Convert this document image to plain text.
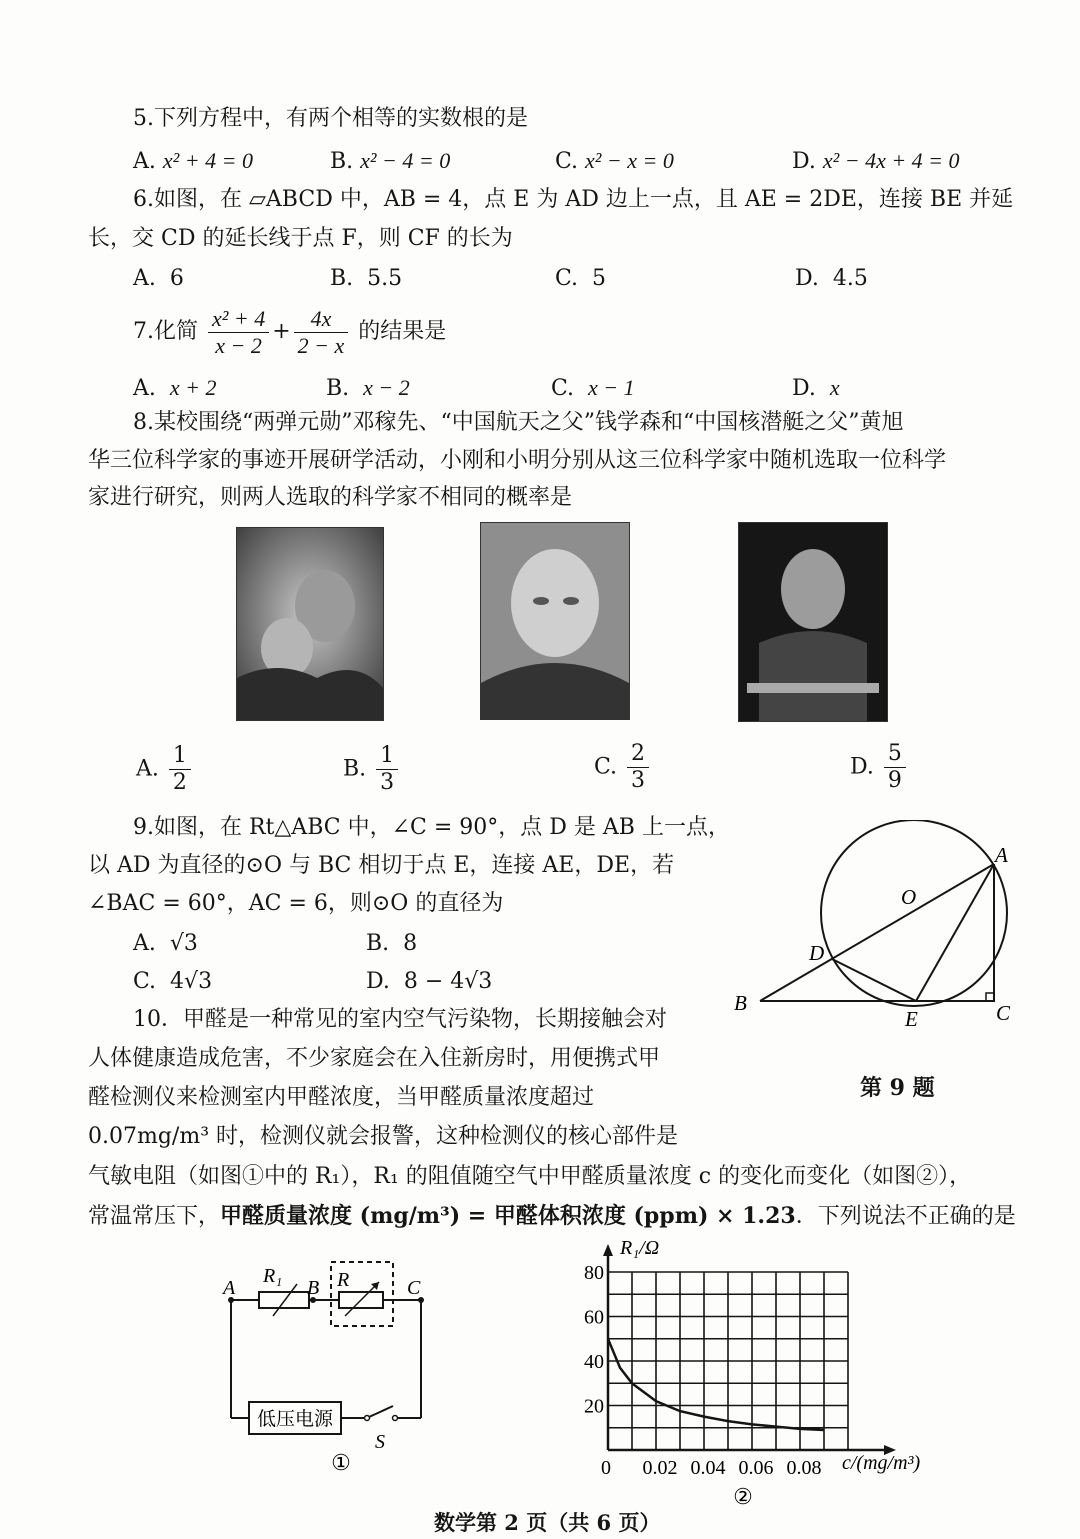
5.下列方程中，有两个相等的实数根的是
A. x² + 4 = 0	B. x² − 4 = 0	C. x² − x = 0	D. x² − 4x + 4 = 0
6.如图，在 ▱ABCD 中，AB = 4，点 E 为 AD 边上一点，且 AE = 2DE，连接 BE 并延
长，交 CD 的延长线于点 F，则 CF 的长为
A. 6	B. 5.5	C. 5	D. 4.5
7.化简 $\frac{\text{x² + 4}}{x - 2} + \frac{4x}{2 - x}$ 的结果是
A. x + 2	B. x − 2	C. x − 1	D. x
8.某校围绕“两弹元勋”邓稼先、“中国航天之父”钱学森和“中国核潜艇之父”黄旭
华三位科学家的事迹开展研学活动，小刚和小明分别从这三位科学家中随机选取一位科学
家进行研究，则两人选取的科学家不相同的概率是
A. $\frac{1}{2}$	B. $\frac{1}{3}$	C. $\frac{2}{3}$	D. $\frac{5}{9}$
9.如图，在 Rt△ABC 中，∠C = 90°，点 D 是 AB 上一点，
以 AD 为直径的⊙O 与 BC 相切于点 E，连接 AE，DE，若
∠BAC = 60°，AC = 6，则⊙O 的直径为
A. √3	B. 8
C. 4√3	D. 8 − 4√3
A
O
D
B
E	C
第 9 题
10．甲醛是一种常见的室内空气污染物，长期接触会对
人体健康造成危害，不少家庭会在入住新房时，用便携式甲
醛检测仪来检测室内甲醛浓度，当甲醛质量浓度超过
0.07mg/m³ 时，检测仪就会报警，这种检测仪的核心部件是
气敏电阻（如图①中的 R₁），R₁ 的阻值随空气中甲醛质量浓度 c 的变化而变化（如图②），
常温常压下，甲醛质量浓度 (mg/m³) = 甲醛体积浓度 (ppm) × 1.23．下列说法不正确的是
低压电源
A
R₁
B R	C
S
①
80
60
40
20
0 0.02 0.04 0.06 0.08
R₁/Ω
c/(mg/m³)
②
数学第 2 页（共 6 页）
